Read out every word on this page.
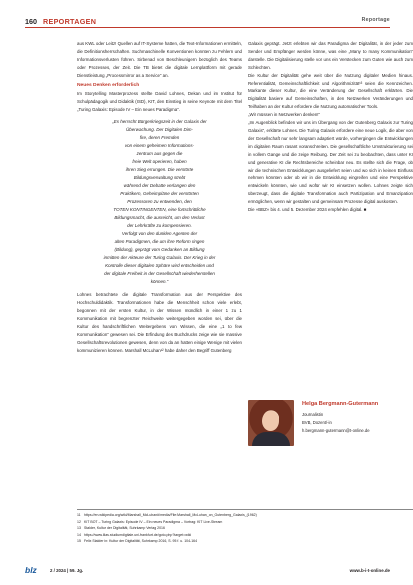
160 REPORTAGEN	Reportage

aus KWL oder Leitz! Quellen auf IT-Systeme hatten, die Text-Informationen ermitteln, die Definitionsherrschaften. Suchmaschinelle Konventionen konnten zu Fehlern und Informationsverlusten führen. Sirbenad von Beschleunigern bezüglich des Teams oder Prozesses, der Zeit. Die TB bietet die digitale Lernplattform mit gerade Dienstleistung „Processmirror as a Service“ an.

Neues Denken erforderlich

Im Storytelling Masterprozess stellte David Lohnes, Dekan und im Institut für Schulpädagogik und Didaktik (ISD), KIT, den Einstieg in seine Keynote mit dem Titel „Turing Galaxis: Episode IV – Ein neues Paradigma“.

„Es herrscht Bürgerkriegszeit in der Galaxis der
Überwachung. Der Digitalen Dim-
fire, deren Fremden
von einem geheimen Informations-
zentrum aus gegen die
freie Welt operieren, haben
ihren Sieg errungen. Die verstörte
Bildungsverwaltung strebt
während der Debatte verlangen den
Praktikern, Geheimpläne der verstörten
Prozessoren zu entwenden, den
TOTEN KONTINGENTEN, eine fortschrittliche
Bildungsmacht, die ausreicht, um den Verlust
der Lehrkräfte zu kompensieren.
Verfolgt von den dunklen Agenten der
alten Paradigmen, die um ihre Reform ringen
(Bildung), geprägt vom Gedanken an Bildung
inmitten der Akteure der Turing Galaxis. Der Krieg in der
Kontrolle dieser digitalen Sphäre wird entscheiden und
der digitale Freiheit in der Gesellschaft wiederherstellen
können.“

Lohnes betrachtete die digitale Transformation aus der Perspektive des Hochschuldidaktik. Transformationen habe die Menschheit schon viele erlebt, begonnen mit der ersten Kultur, in der Wissen mündlich in einer 1 zu 1 Kommunikation mit begrenzter Reichweite weitergegeben worden sei, über die Kultur des handschriftlichen Weitergebens von Wissen, die eine „1 to few Kommunikation“ gewesen sei. Die Erfindung des Buchdrucks zeige wie sie massive Gesellschaftsrevolutionen gewesen, denn von da an hatten einige Wenige mit vielen kommunizieren können. Marshall McLuhan¹² habe daher den Begriff Gutenberg

Galaxis geprägt. Jetzt erlebten wir das Paradigma der Digitalität, in der jeder zum Sender und Empfänger werden könne, was eine „Many to many Kommunikation“ darstelle. Die Digitalisierung stelle vor uns ein Verstecken zum Guten wie auch zum Schlechten.

Die Kultur der Digitalität gehe weit über die Nutzung digitaler Medien hinaus. Referentialität, Gemeinschaftlichkeit und Algorithmizität¹³ seien die Kennzeichen. Markante dieser Kultur, die eine Veränderung der Gesellschaft erklärten. Die Digitalität basiere auf Gemeinschaften, in den Netzwerken Veränderungen und Teilhaben an der Kultur erfordere die Nutzung automatischer Tools.

„Wir müssen in Netzwerken denken!“

„Im Augenblick befinden wir uns im Übergang von der Gutenberg Galaxis zur Turing Galaxis“, erklärte Lohnes. Die Turing Galaxis erfordere eine neue Logik, die aber von der Gesellschaft nur sehr langsam adaptiert würde, vorhergingen die Entwicklungen im digitalen Raum rasant voranschreiten. Die gesellschaftliche Umstrukturierung sei in vollem Gange und die zeige Reibung. Der Zeit sei zu beobachten, dass unter KI und generative KI die Rechtsbereiche scheinbar neu. Es stellte sich die Frage, ob wir die technischen Entwicklungen ausgeliefert seien und wo sich in keinen Einfluss nehmen könnten oder ob wir in die Entwicklung eingreifen und eine Perspektive entwickeln könnten, wie und wofür wir KI einsetzen wollen. Lohnes zeigte sich überzeugt, dass die digitale Transformation auch Partizipation und Emanzipation ermöglichen, wenn wir gestalten und gemeinsam Prozesse digital auskosten.

Die »BBZ« bis 4. und 5. Dezember 2024 empfehlen digital. ■

Helga Bergmann-Gutermann
Journalistin
BVB, Dozent/-in
h.bergmann-gutermann@t-online.de
11 https://en.wikipedia.org/wiki/Marshall_McLuhan#/media/File:Marshall_McLuhan_on_Gutenberg_Galaxis_(1962)
12 KIT BOT – Turing Galaxis: Episode IV – Ein neues Paradigma – Vortrag: KIT Live-Stream
13 Stalder, Kultur der Digitalität, Suhrkamp Verlag 2016
14 https://www.ilias.studiumdigitale.uni-frankfurt.de/goto.php?target=wiki
15 Felix Stalder in: Kultur der Digitalität, Suhrkamp 2016, S. 95 f. u. 104-164
blz	2 / 2024 | 59. Jg.	www.b-i-t-online.de
